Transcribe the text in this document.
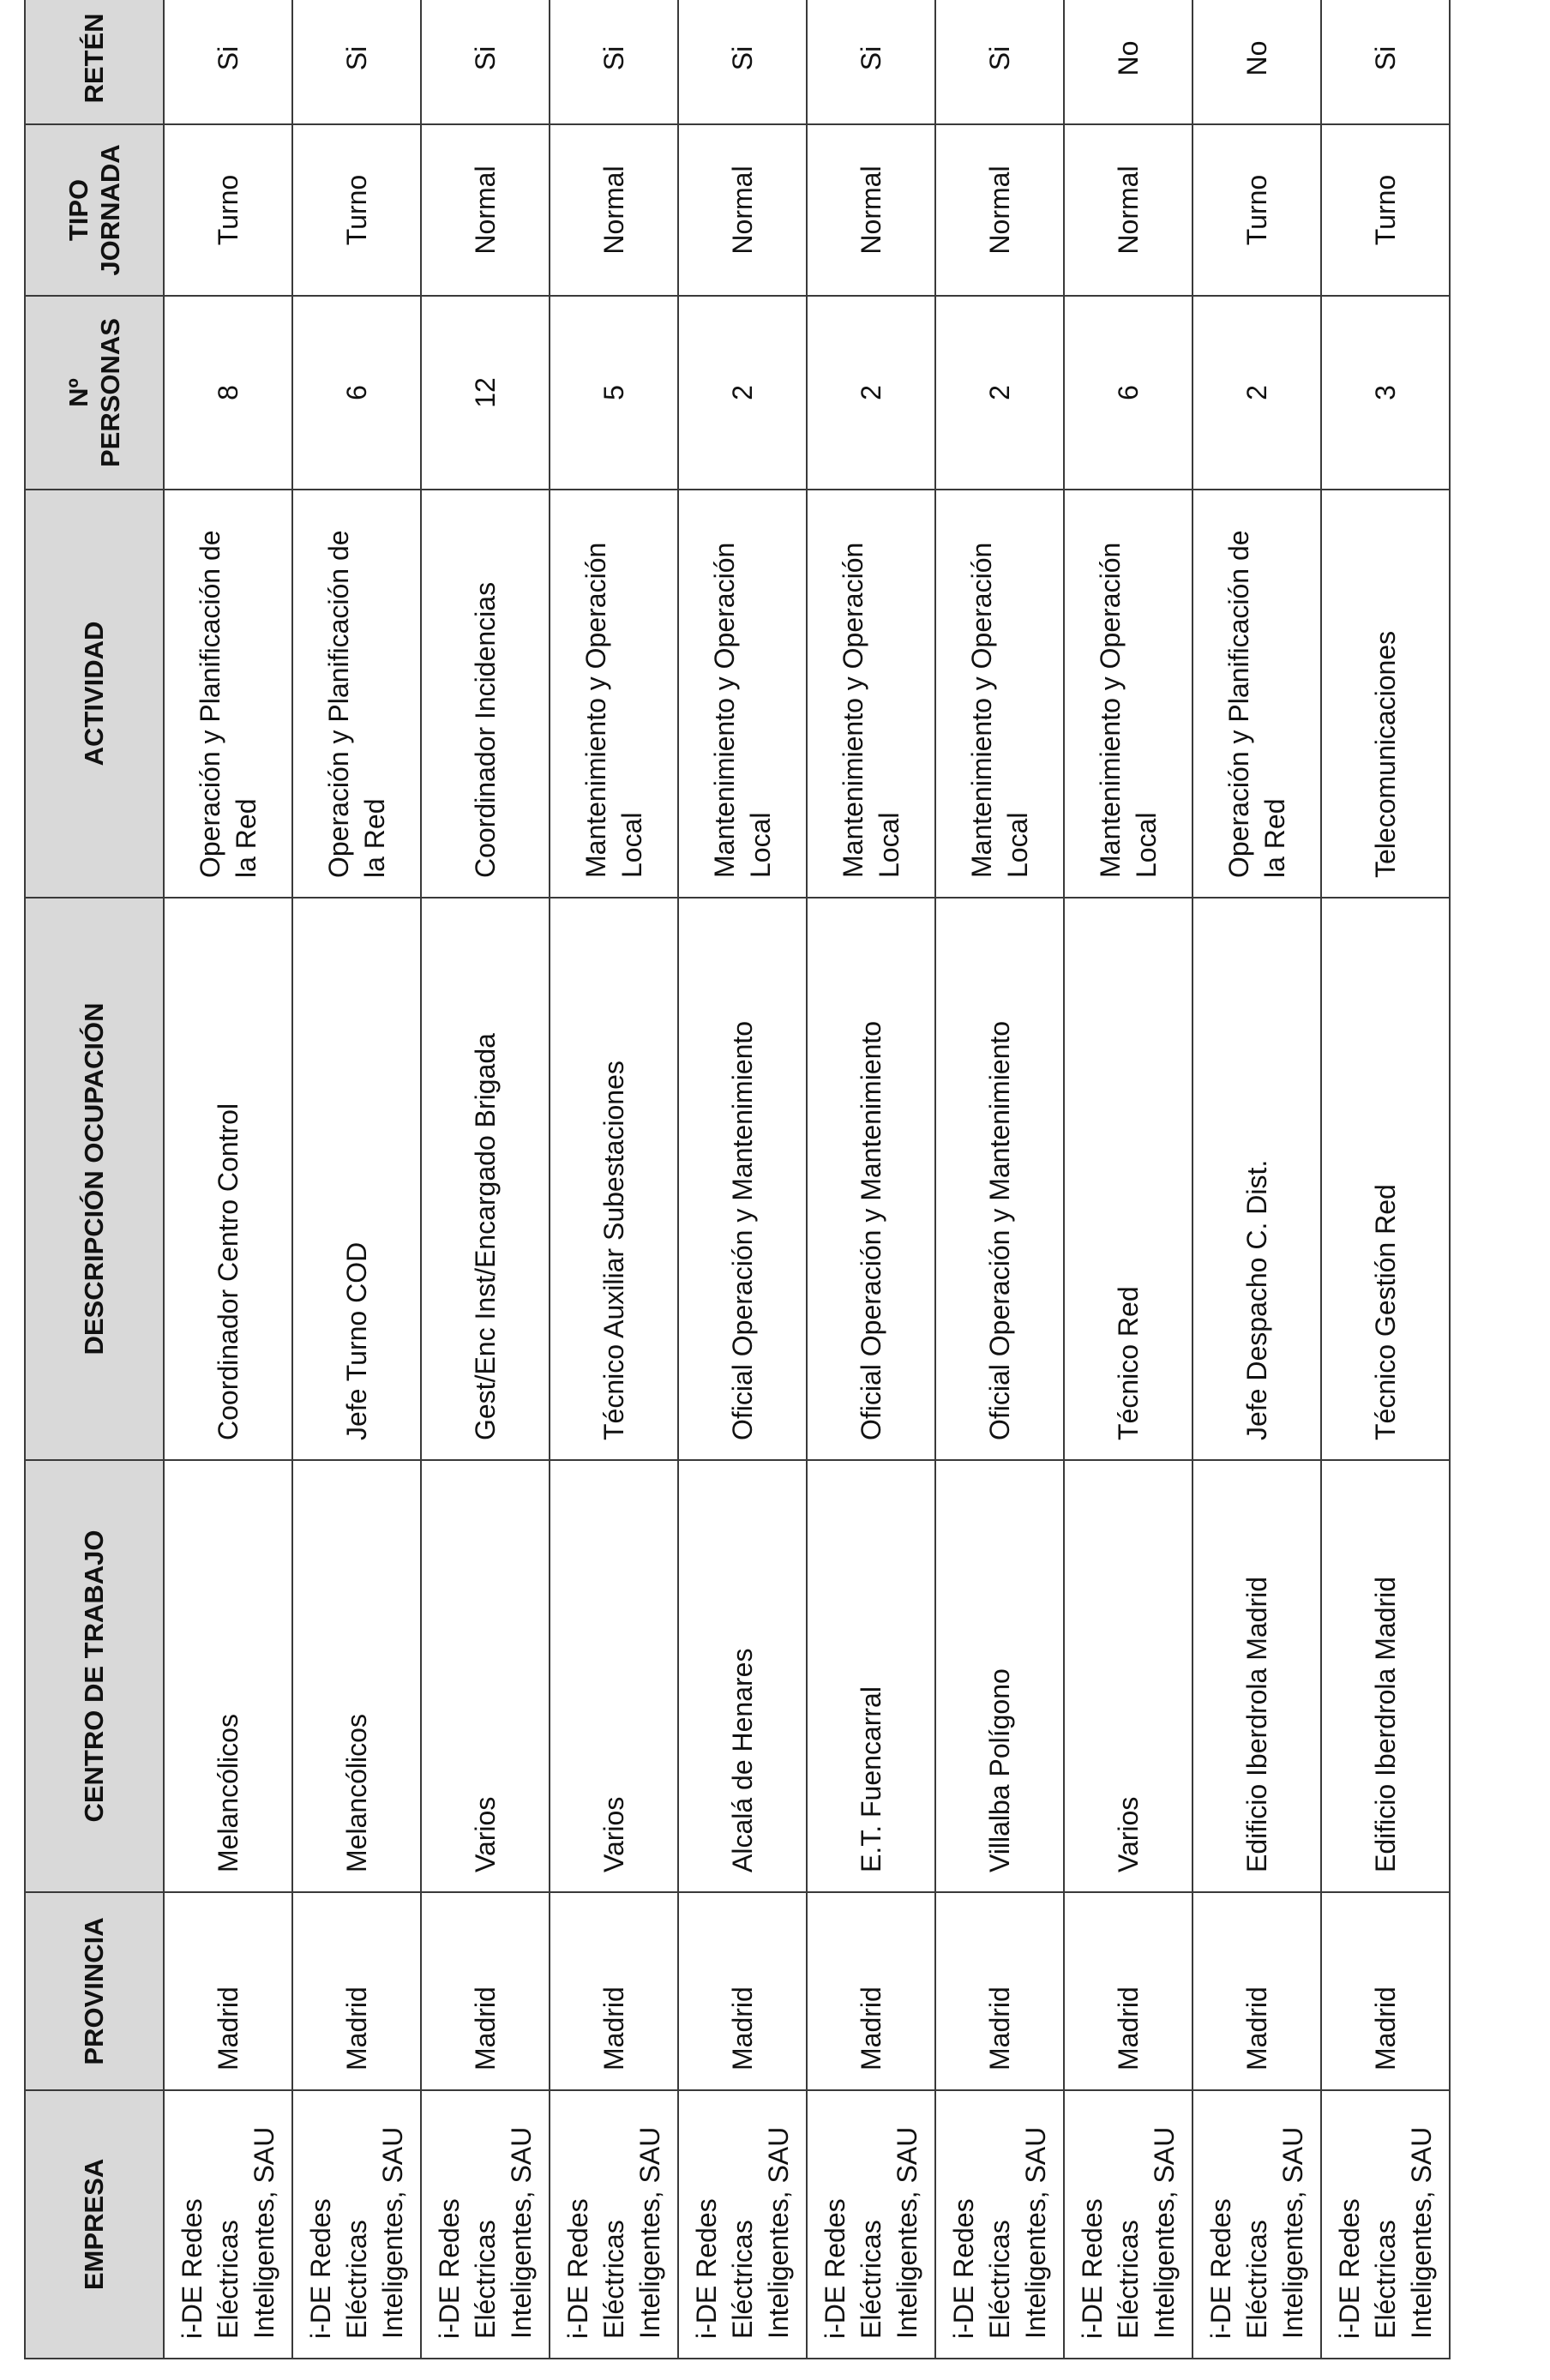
EMPRESA	PROVINCIA	CENTRO DE TRABAJO	DESCRIPCIÓN OCUPACIÓN	ACTIVIDAD	Nº PERSONAS	TIPO JORNADA	RETÉN
i-DE Redes Eléctricas Inteligentes, SAU	Madrid	Melancólicos	Coordinador Centro Control	Operación y Planificación de la Red	8	Turno	Si
i-DE Redes Eléctricas Inteligentes, SAU	Madrid	Melancólicos	Jefe Turno COD	Operación y Planificación de la Red	6	Turno	Si
i-DE Redes Eléctricas Inteligentes, SAU	Madrid	Varios	Gest/Enc Inst/Encargado Brigada	Coordinador Incidencias	12	Normal	Si
i-DE Redes Eléctricas Inteligentes, SAU	Madrid	Varios	Técnico Auxiliar Subestaciones	Mantenimiento y Operación Local	5	Normal	Si
i-DE Redes Eléctricas Inteligentes, SAU	Madrid	Alcalá de Henares	Oficial Operación y Mantenimiento	Mantenimiento y Operación Local	2	Normal	Si
i-DE Redes Eléctricas Inteligentes, SAU	Madrid	E.T. Fuencarral	Oficial Operación y Mantenimiento	Mantenimiento y Operación Local	2	Normal	Si
i-DE Redes Eléctricas Inteligentes, SAU	Madrid	Villalba Polígono	Oficial Operación y Mantenimiento	Mantenimiento y Operación Local	2	Normal	Si
i-DE Redes Eléctricas Inteligentes, SAU	Madrid	Varios	Técnico Red	Mantenimiento y Operación Local	6	Normal	No
i-DE Redes Eléctricas Inteligentes, SAU	Madrid	Edificio Iberdrola Madrid	Jefe Despacho C. Dist.	Operación y Planificación de la Red	2	Turno	No
i-DE Redes Eléctricas Inteligentes, SAU	Madrid	Edificio Iberdrola Madrid	Técnico Gestión Red	Telecomunicaciones	3	Turno	Si
